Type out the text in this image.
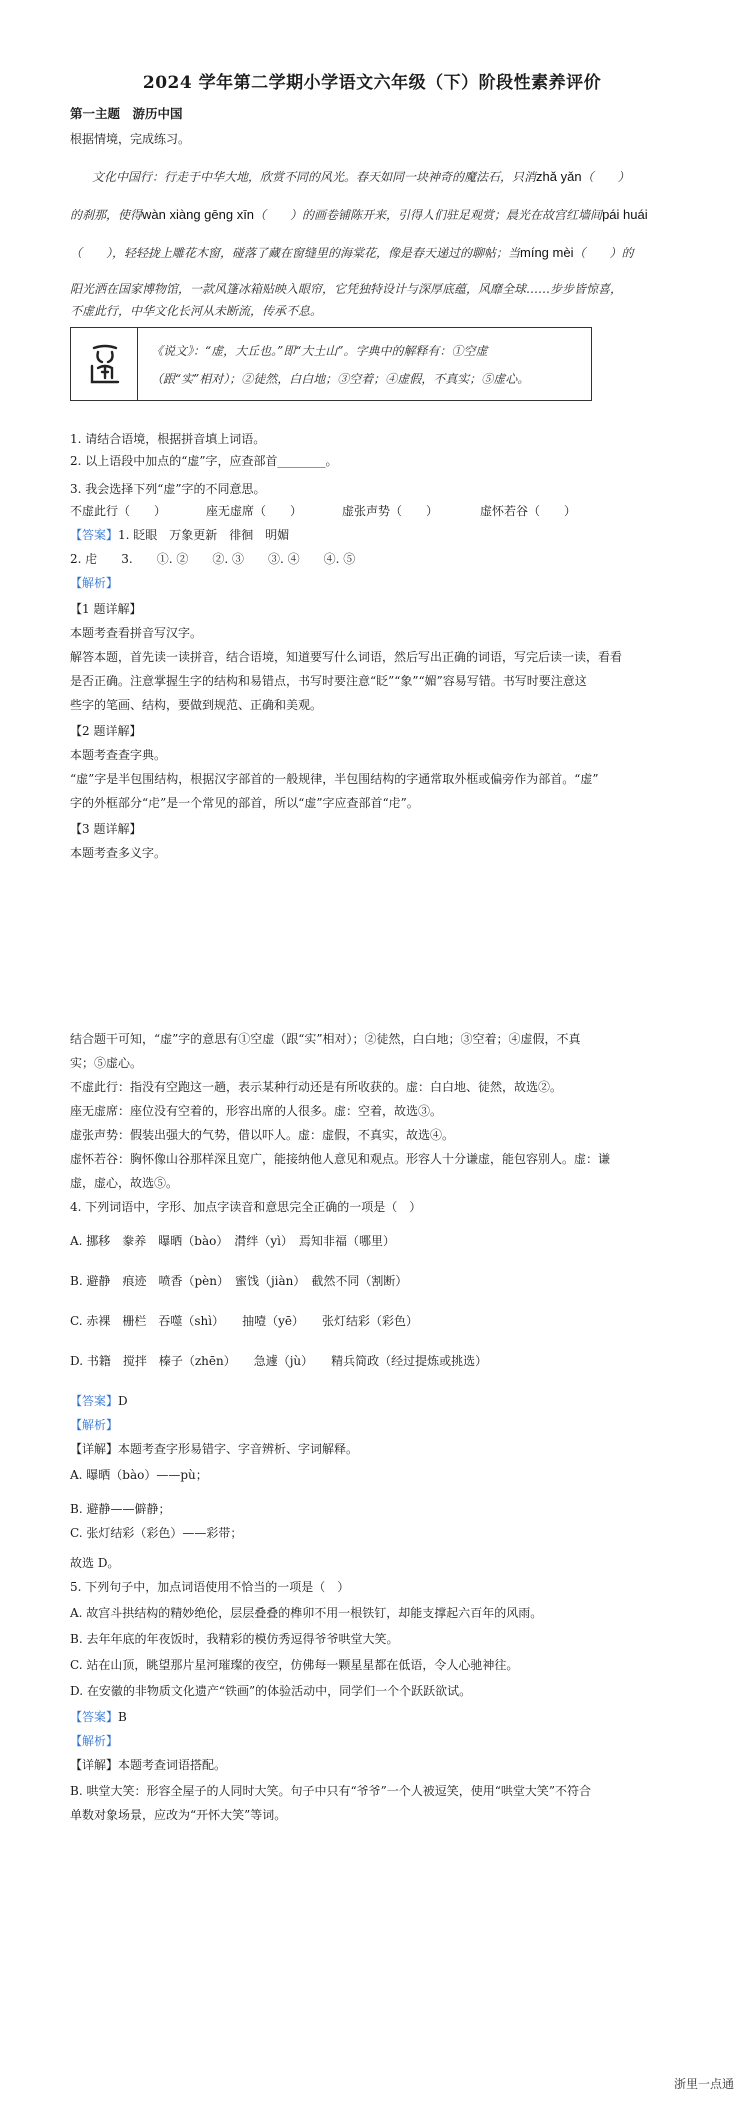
2024 学年第二学期小学语文六年级（下）阶段性素养评价
第一主题　游历中国
根据情境，完成练习。
文化中国行：行走于中华大地，欣赏不同的风光。春天如同一块神奇的魔法石，只消zhǎ yǎn（　　）
的刹那，使得wàn xiàng gēng xīn（　　）的画卷铺陈开来，引得人们驻足观赏；晨光在故宫红墙间pái huái
（　　），轻轻拢上雕花木窗，碰落了藏在窗缝里的海棠花，像是春天递过的聊帖；当míng mèi（　　）的
阳光洒在国家博物馆，一款风篷冰箱贴映入眼帘，它凭独特设计与深厚底蕴，风靡全球……步步皆惊喜，
不虚此行，中华文化长河从未断流，传承不息。
《说文》：“虚，大丘也。”即“大土山”。字典中的解释有：①空虚
（跟“实”相对）；②徒然，白白地；③空着；④虚假，不真实；⑤虚心。
1. 请结合语境，根据拼音填上词语。
2. 以上语段中加点的“虚”字，应查部首________。
3. 我会选择下列“虚”字的不同意思。
不虚此行（　　）	座无虚席（　　）	虚张声势（　　）	虚怀若谷（　　）
【答案】1. 眨眼　万象更新　徘徊　明媚
2. 虍　　3.　　①. ②　　②. ③　　③. ④　　④. ⑤
【解析】
【1 题详解】
本题考查看拼音写汉字。
解答本题，首先读一读拼音，结合语境，知道要写什么词语，然后写出正确的词语，写完后读一读，看看
是否正确。注意掌握生字的结构和易错点，书写时要注意“眨”“象”“媚”容易写错。书写时要注意这
些字的笔画、结构，要做到规范、正确和美观。
【2 题详解】
本题考查查字典。
“虚”字是半包围结构，根据汉字部首的一般规律，半包围结构的字通常取外框或偏旁作为部首。“虚”
字的外框部分“虍”是一个常见的部首，所以“虚”字应查部首“虍”。
【3 题详解】
本题考查多义字。
结合题干可知，“虚”字的意思有①空虚（跟“实”相对）；②徒然，白白地；③空着；④虚假，不真
实；⑤虚心。
不虚此行：指没有空跑这一趟，表示某种行动还是有所收获的。虚：白白地、徒然，故选②。
座无虚席：座位没有空着的，形容出席的人很多。虚：空着，故选③。
虚张声势：假装出强大的气势，借以吓人。虚：虚假，不真实，故选④。
虚怀若谷：胸怀像山谷那样深且宽广，能接纳他人意见和观点。形容人十分谦虚，能包容别人。虚：谦
虚，虚心，故选⑤。
4. 下列词语中，字形、加点字读音和意思完全正确的一项是（　）
A. 挪移　豢养　曝晒（bào）　潸绊（yì）　焉知非福（哪里）
B. 避静　痕迹　喷香（pèn）　蜜饯（jiàn）　截然不同（割断）
C. 赤裸　栅栏　吞噬（shì）　　抽噎（yē）　　张灯结彩（彩色）
D. 书籍　搅拌　榛子（zhēn）　　急遽（jù）　　精兵简政（经过提炼或挑选）
【答案】D
【解析】
【详解】本题考查字形易错字、字音辨析、字词解释。
A. 曝晒（bào）——pù；
B. 避静——僻静；
C. 张灯结彩（彩色）——彩带；
故选 D。
5. 下列句子中，加点词语使用不恰当的一项是（　）
A. 故宫斗拱结构的精妙绝伦，层层叠叠的榫卯不用一根铁钉，却能支撑起六百年的风雨。
B. 去年年底的年夜饭时，我精彩的模仿秀逗得爷爷哄堂大笑。
C. 站在山顶，眺望那片星河璀璨的夜空，仿佛每一颗星星都在低语，令人心驰神往。
D. 在安徽的非物质文化遗产“铁画”的体验活动中，同学们一个个跃跃欲试。
【答案】B
【解析】
【详解】本题考查词语搭配。
B. 哄堂大笑：形容全屋子的人同时大笑。句子中只有“爷爷”一个人被逗笑，使用“哄堂大笑”不符合
单数对象场景，应改为“开怀大笑”等词。
浙里一点通
